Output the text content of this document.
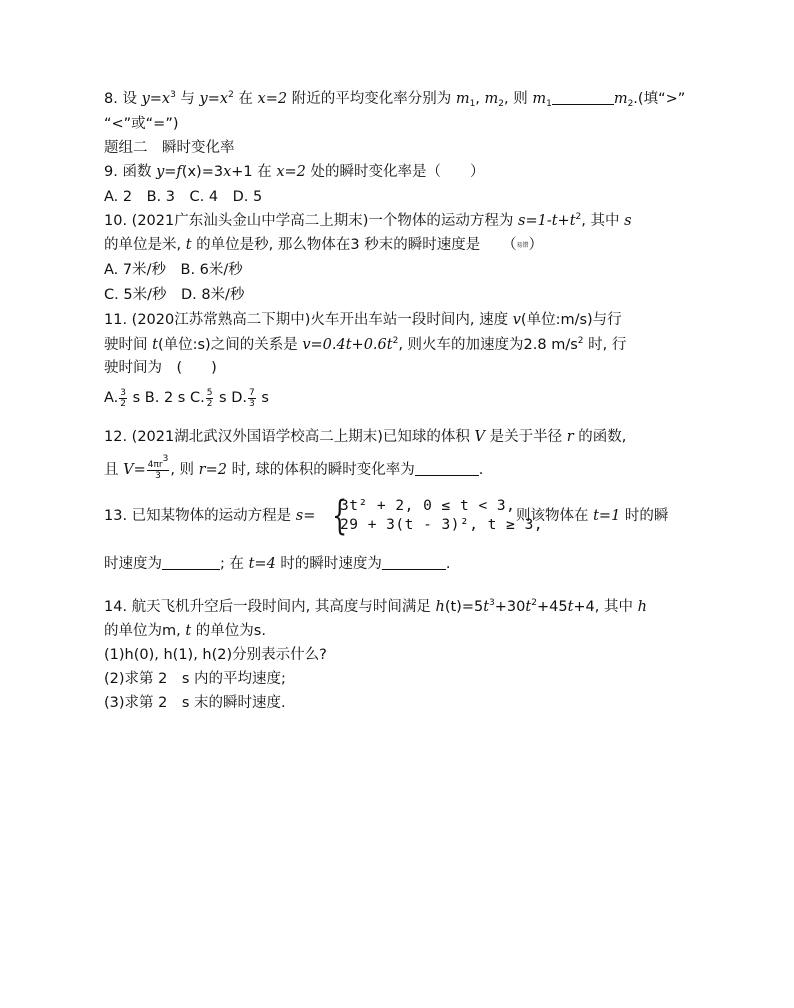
8. 设 $y=x^3$ 与 $y=x^2$ 在 x=2 附近的平均变化率分别为 $m_1$, $m_2$, 则 $m_1$	$m_2$.(填“>”
“<”或“=”)
题组二　瞬时变化率
9. 函数 y=f(x)=3x+1 在 x=2 处的瞬时变化率是（　　）
A. 2　B. 3　C. 4　D. 5
10. (2021广东汕头金山中学高二上期末)一个物体的运动方程为 $s=1-t+t^2$, 其中 s
的单位是米, t 的单位是秒, 那么物体在3 秒末的瞬时速度是　　（易错）
A. 7米/秒　B. 6米/秒
C. 5米/秒　D. 8米/秒
11. (2020江苏常熟高二下期中)火车开出车站一段时间内, 速度 v(单位:m/s)与行
驶时间 t(单位:s)之间的关系是 $v=0.4t+0.6t^2$, 则火车的加速度为2.8 $m/s^2$ 时, 行
驶时间为　(　　)
A. $\frac{3}{2}$ s B. 2 s C. $\frac{5}{2}$ s D. $\frac{7}{3}$ s
12. (2021湖北武汉外国语学校高二上期末)已知球的体积 V 是关于半径 r 的函数,
且 $V= \frac{4\pi r^3}{3}$ , 则 r=2 时, 球的体积的瞬时变化率为	.
13. 已知某物体的运动方程是 s= {
3t² + 2, 0 ≤ t < 3,
29 + 3(t - 3)², t ≥ 3,
则该物体在 t=1 时的瞬
时速度为	; 在 t=4 时的瞬时速度为	.
14. 航天飞机升空后一段时间内, 其高度与时间满足 $h(t)=5t^3+30t^2+45t+4$, 其中 h
的单位为m, t 的单位为s.
(1)h(0), h(1), h(2)分别表示什么?
(2)求第 2　s 内的平均速度;
(3)求第 2　s 末的瞬时速度.
